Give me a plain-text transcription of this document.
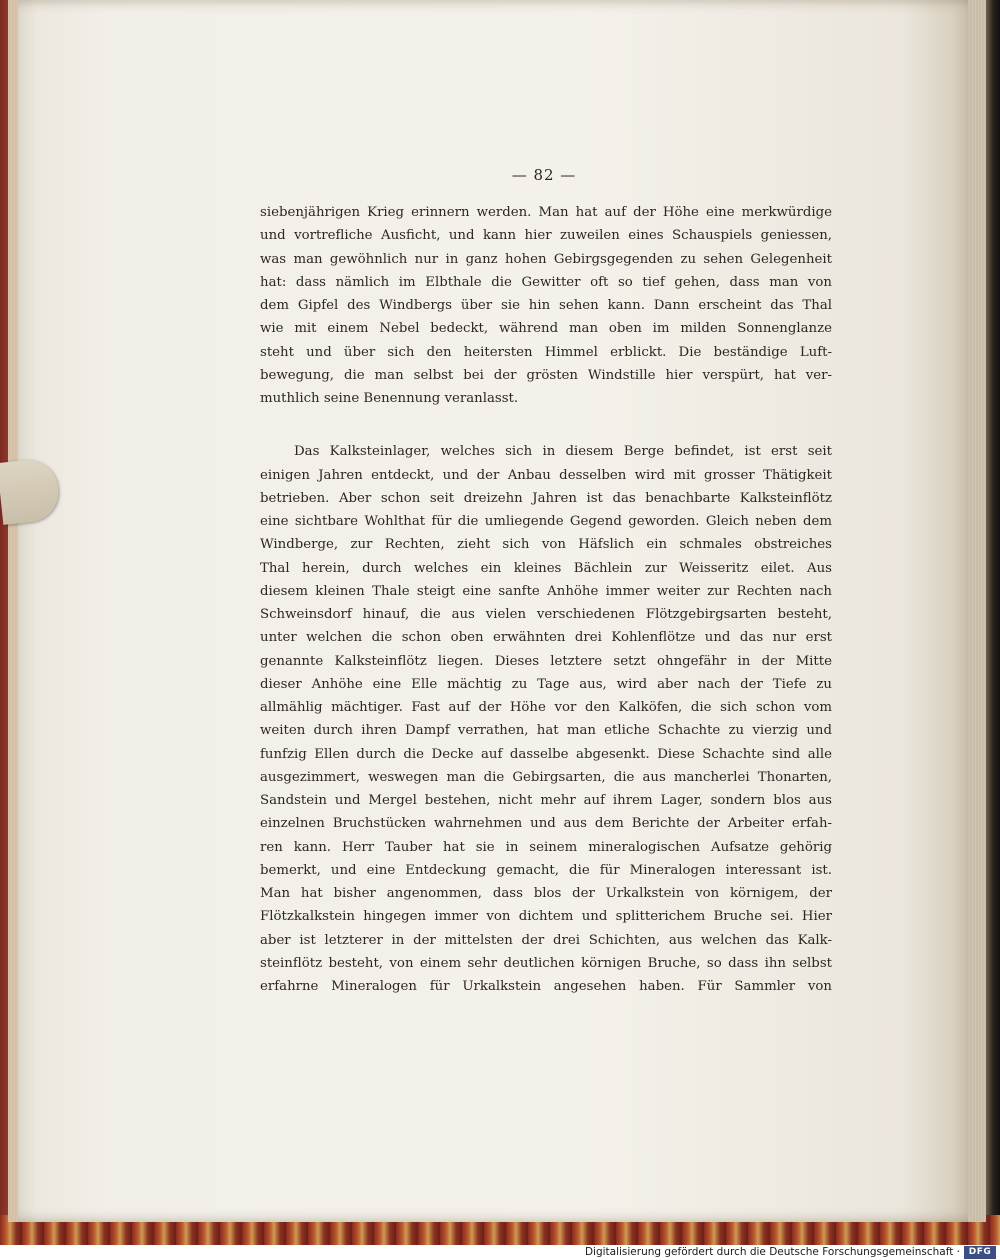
— 82 —
siebenjährigen Krieg erinnern werden. Man hat auf der Höhe eine merkwürdige
und vortrefliche Ausficht, und kann hier zuweilen eines Schauspiels geniessen,
was man gewöhnlich nur in ganz hohen Gebirgsgegenden zu sehen Gelegenheit
hat: dass nämlich im Elbthale die Gewitter oft so tief gehen, dass man von
dem Gipfel des Windbergs über sie hin sehen kann. Dann erscheint das Thal
wie mit einem Nebel bedeckt, während man oben im milden Sonnenglanze
steht und über sich den heitersten Himmel erblickt. Die beständige Luft-
bewegung, die man selbst bei der grösten Windstille hier verspürt, hat ver-
muthlich seine Benennung veranlasst.
Das Kalksteinlager, welches sich in diesem Berge befindet, ist erst seit
einigen Jahren entdeckt, und der Anbau desselben wird mit grosser Thätigkeit
betrieben. Aber schon seit dreizehn Jahren ist das benachbarte Kalksteinflötz
eine sichtbare Wohlthat für die umliegende Gegend geworden. Gleich neben dem
Windberge, zur Rechten, zieht sich von Häfslich ein schmales obstreiches
Thal herein, durch welches ein kleines Bächlein zur Weisseritz eilet. Aus
diesem kleinen Thale steigt eine sanfte Anhöhe immer weiter zur Rechten nach
Schweinsdorf hinauf, die aus vielen verschiedenen Flötzgebirgsarten besteht,
unter welchen die schon oben erwähnten drei Kohlenflötze und das nur erst
genannte Kalksteinflötz liegen. Dieses letztere setzt ohngefähr in der Mitte
dieser Anhöhe eine Elle mächtig zu Tage aus, wird aber nach der Tiefe zu
allmählig mächtiger. Fast auf der Höhe vor den Kalköfen, die sich schon vom
weiten durch ihren Dampf verrathen, hat man etliche Schachte zu vierzig und
funfzig Ellen durch die Decke auf dasselbe abgesenkt. Diese Schachte sind alle
ausgezimmert, weswegen man die Gebirgsarten, die aus mancherlei Thonarten,
Sandstein und Mergel bestehen, nicht mehr auf ihrem Lager, sondern blos aus
einzelnen Bruchstücken wahrnehmen und aus dem Berichte der Arbeiter erfah-
ren kann. Herr Tauber hat sie in seinem mineralogischen Aufsatze gehörig
bemerkt, und eine Entdeckung gemacht, die für Mineralogen interessant ist.
Man hat bisher angenommen, dass blos der Urkalkstein von körnigem, der
Flötzkalkstein hingegen immer von dichtem und splitterichem Bruche sei. Hier
aber ist letzterer in der mittelsten der drei Schichten, aus welchen das Kalk-
steinflötz besteht, von einem sehr deutlichen körnigen Bruche, so dass ihn selbst
erfahrne Mineralogen für Urkalkstein angesehen haben. Für Sammler von
Digitalisierung gefördert durch die Deutsche Forschungsgemeinschaft · DFG
